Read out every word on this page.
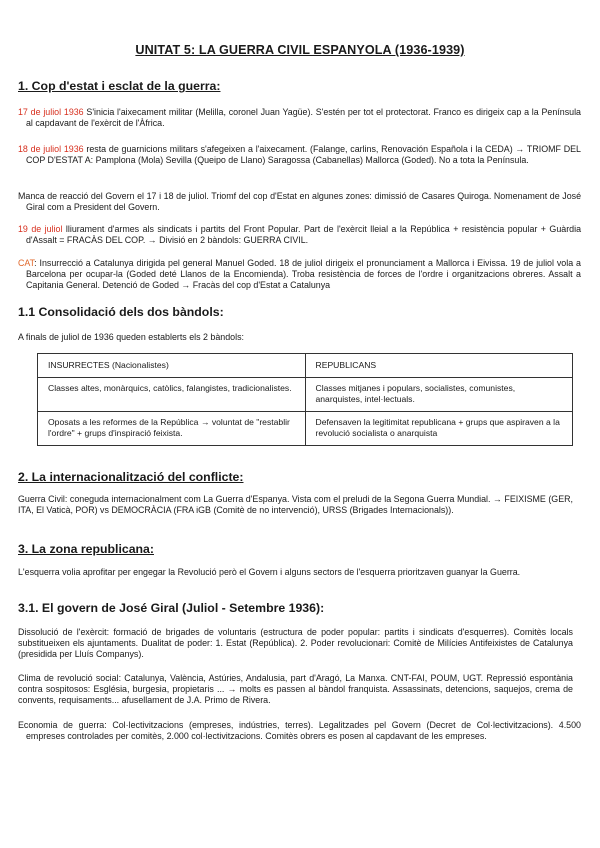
UNITAT 5: LA GUERRA CIVIL ESPANYOLA (1936-1939)
1. Cop d'estat i esclat de la guerra:
17 de juliol 1936 S'inicia l'aixecament militar (Melilla, coronel Juan Yagüe). S'estén per tot el protectorat. Franco es dirigeix cap a la Península al capdavant de l'exèrcit de l'Àfrica.
18 de juliol 1936 resta de guarnicions militars s'afegeixen a l'aixecament. (Falange, carlins, Renovación Española i la CEDA) → TRIOMF DEL COP D'ESTAT A: Pamplona (Mola) Sevilla (Queipo de Llano) Saragossa (Cabanellas) Mallorca (Goded). No a tota la Península.
Manca de reacció del Govern el 17 i 18 de juliol. Triomf del cop d'Estat en algunes zones: dimissió de Casares Quiroga. Nomenament de José Giral com a President del Govern.
19 de juliol lliurament d'armes als sindicats i partits del Front Popular. Part de l'exèrcit lleial a la República + resistència popular + Guàrdia d'Assalt = FRACÀS DEL COP. → Divisió en 2 bàndols: GUERRA CIVIL.
CAT: Insurrecció a Catalunya dirigida pel general Manuel Goded. 18 de juliol dirigeix el pronunciament a Mallorca i Eivissa. 19 de juliol vola a Barcelona per ocupar-la (Goded deté Llanos de la Encomienda). Troba resistència de forces de l'ordre i organitzacions obreres. Assalt a Capitania General. Detenció de Goded → Fracàs del cop d'Estat a Catalunya
1.1 Consolidació dels dos bàndols:
A finals de juliol de 1936 queden establerts els 2 bàndols:
INSURRECTES (Nacionalistes)	REPUBLICANS
Classes altes, monàrquics, catòlics, falangistes, tradicionalistes.	Classes mitjanes i populars, socialistes, comunistes, anarquistes, intel·lectuals.
Oposats a les reformes de la República → voluntat de "restablir l'ordre" + grups d'inspiració feixista.	Defensaven la legitimitat republicana + grups que aspiraven a la revolució socialista o anarquista
2. La internacionalització del conflicte:
Guerra Civil: coneguda internacionalment com La Guerra d'Espanya. Vista com el preludi de la Segona Guerra Mundial. → FEIXISME (GER, ITA, El Vaticà, POR) vs DEMOCRÀCIA (FRA iGB (Comitè de no intervenció), URSS (Brigades Internacionals)).
3. La zona republicana:
L'esquerra volia aprofitar per engegar la Revolució però el Govern i alguns sectors de l'esquerra prioritzaven guanyar la Guerra.
3.1. El govern de José Giral (Juliol - Setembre 1936):
Dissolució de l'exèrcit: formació de brigades de voluntaris (estructura de poder popular: partits i sindicats d'esquerres). Comitès locals substitueixen els ajuntaments. Dualitat de poder: 1. Estat (República). 2. Poder revolucionari: Comitè de Milícies Antifeixistes de Catalunya (presidida per Lluís Companys).
Clima de revolució social: Catalunya, València, Astúries, Andalusia, part d'Aragó, La Manxa. CNT-FAI, POUM, UGT. Repressió espontània contra sospitosos: Església, burgesia, propietaris ... → molts es passen al bàndol franquista. Assassinats, detencions, saquejos, crema de convents, requisaments... afusellament de J.A. Primo de Rivera.
Economia de guerra: Col·lectivitzacions (empreses, indústries, terres). Legalitzades pel Govern (Decret de Col·lectivitzacions). 4.500 empreses controlades per comitès, 2.000 col·lectivitzacions. Comitès obrers es posen al capdavant de les empreses.
